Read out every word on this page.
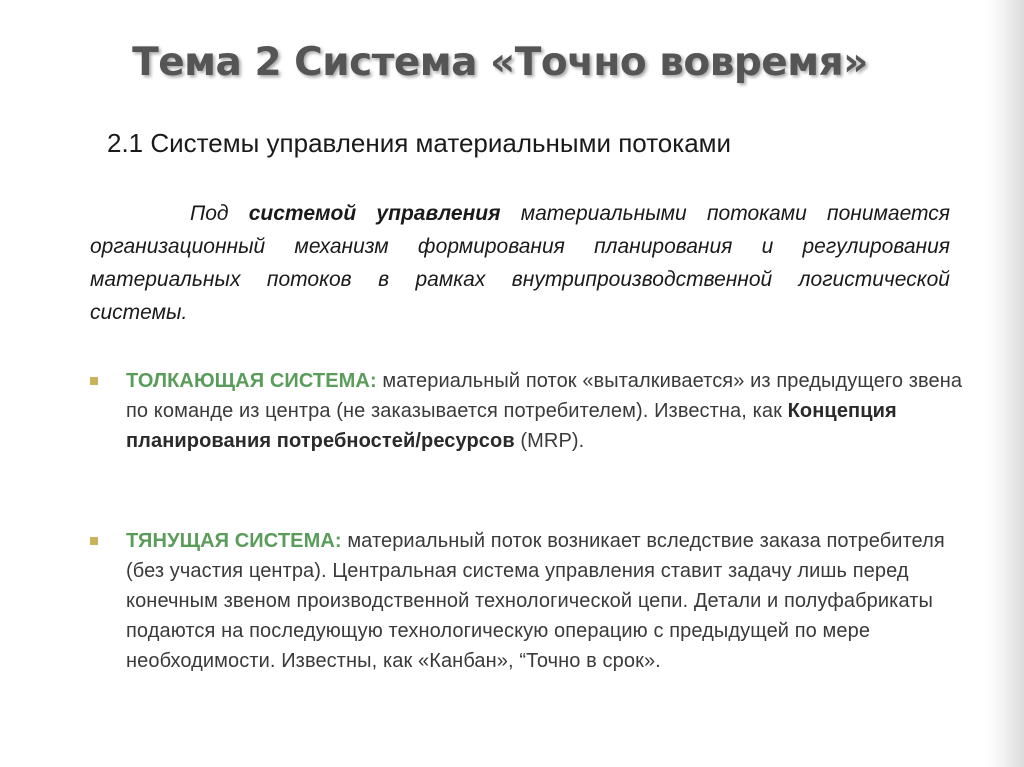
Тема 2 Система «Точно вовремя»
2.1 Системы управления материальными потоками
Под системой управления материальными потоками понимается организационный механизм формирования планирования и регулирования материальных потоков в рамках внутрипроизводственной логистической системы.
ТОЛКАЮЩАЯ СИСТЕМА: материальный поток «выталкивается» из предыдущего звена по команде из центра (не заказывается потребителем). Известна, как Концепция планирования потребностей/ресурсов (MRP).
ТЯНУЩАЯ СИСТЕМА: материальный поток возникает вследствие заказа потребителя (без участия центра). Центральная система управления ставит задачу лишь перед конечным звеном производственной технологической цепи. Детали и полуфабрикаты подаются на последующую технологическую операцию с предыдущей по мере необходимости. Известны, как «Канбан», “Точно в срок».
